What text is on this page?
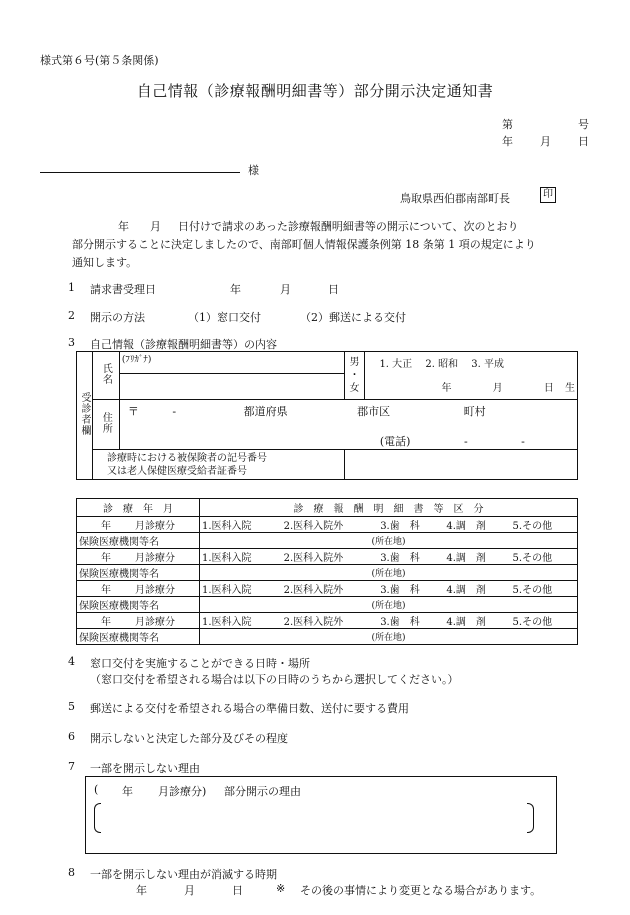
様式第６号(第５条関係)
自己情報（診療報酬明細書等）部分開示決定通知書
第	号
年 月 日
様
鳥取県西伯郡南部町長	印
年 月 日付けで請求のあった診療報酬明細書等の開示について、次のとおり
部分開示することに決定しましたので、南部町個人情報保護条例第 18 条第 1 項の規定により
通知します。
1 請求書受理日	年	月	日
2 開示の方法	（1）窓口交付	（2）郵送による交付
3 自己情報（診療報酬明細書等）の内容
受診者欄	氏名	(ﾌﾘｶﾞﾅ)	男
・
女	1. 大正 2. 昭和 3. 平成
				年 月 日 生
	住所	〒 - 都道府県 郡市区 町村
(電話) - -		

	診療時における被保険者の記号番号
又は老人保健医療受給者証番号			

診　療　年　月	診　療　報　酬　明　細　書　等　区　分				
年 月診療分	1.医科入院	2.医科入院外	3.歯　科	4.調　剤	5.その他
保険医療機関等名	(所在地)				
年 月診療分	1.医科入院	2.医科入院外	3.歯　科	4.調　剤	5.その他
保険医療機関等名	(所在地)				
年 月診療分	1.医科入院	2.医科入院外	3.歯　科	4.調　剤	5.その他
保険医療機関等名	(所在地)				
年 月診療分	1.医科入院	2.医科入院外	3.歯　科	4.調　剤	5.その他
保険医療機関等名	(所在地)				
4 窓口交付を実施することができる日時・場所
（窓口交付を希望される場合は以下の日時のうちから選択してください。）
5 郵送による交付を希望される場合の準備日数、送付に要する費用
6 開示しないと決定した部分及びその程度
7 一部を開示しない理由
( 年 月診療分) 部分開示の理由
8 一部を開示しない理由が消滅する時期
年	月	日	※ その後の事情により変更となる場合があります。
